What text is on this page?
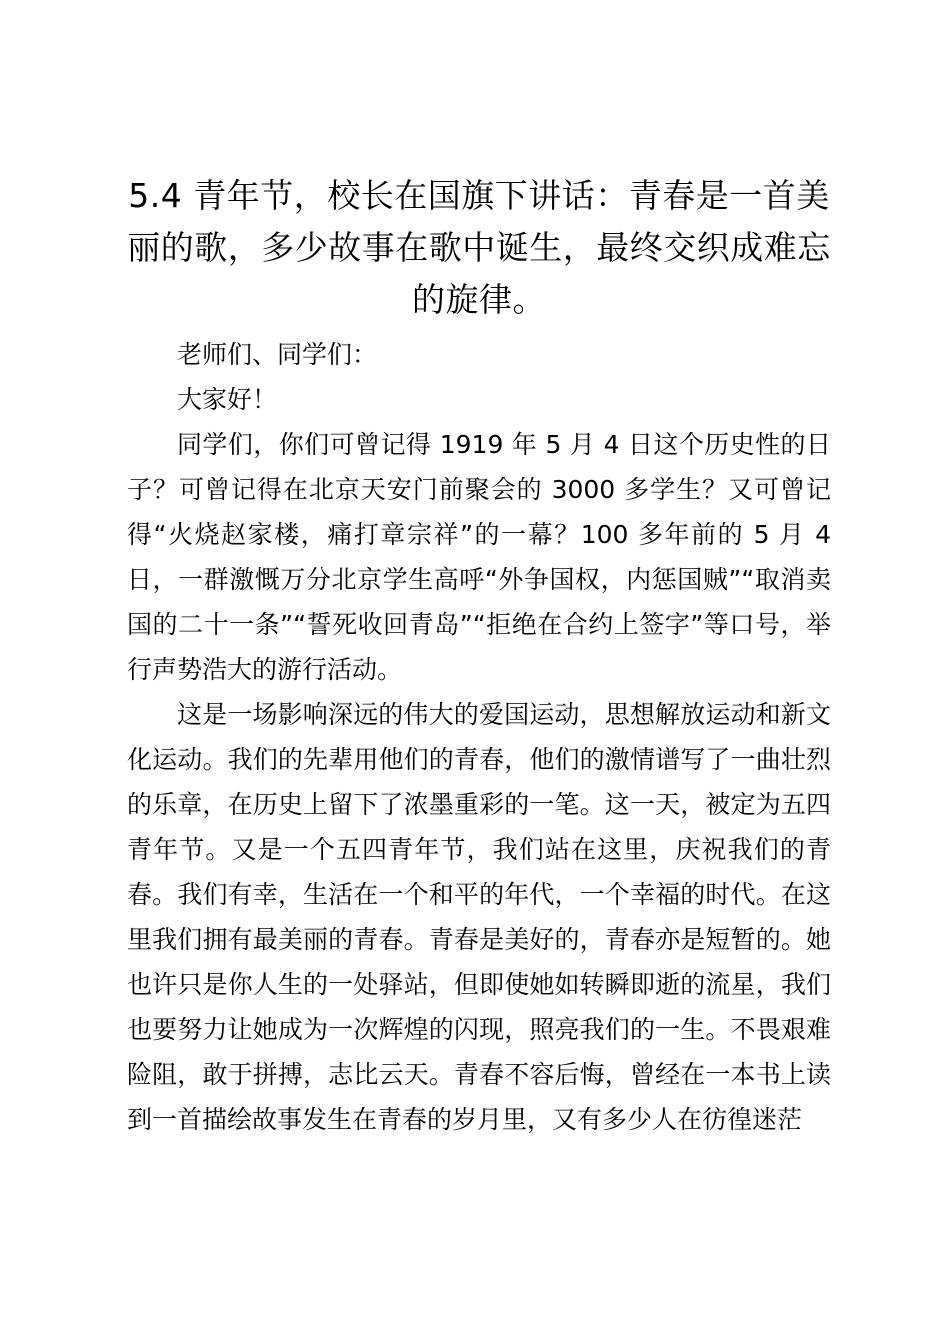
5.4 青年节，校长在国旗下讲话：青春是一首美丽的歌，多少故事在歌中诞生，最终交织成难忘的旋律。

老师们、同学们：

大家好！

同学们，你们可曾记得 1919 年 5 月 4 日这个历史性的日子？可曾记得在北京天安门前聚会的 3000 多学生？又可曾记得“火烧赵家楼，痛打章宗祥”的一幕？100 多年前的 5 月 4 日，一群激慨万分北京学生高呼“外争国权，内惩国贼”“取消卖国的二十一条”“誓死收回青岛”“拒绝在合约上签字”等口号，举行声势浩大的游行活动。

这是一场影响深远的伟大的爱国运动，思想解放运动和新文化运动。我们的先辈用他们的青春，他们的激情谱写了一曲壮烈的乐章，在历史上留下了浓墨重彩的一笔。这一天，被定为五四青年节。又是一个五四青年节，我们站在这里，庆祝我们的青春。我们有幸，生活在一个和平的年代，一个幸福的时代。在这里我们拥有最美丽的青春。青春是美好的，青春亦是短暂的。她也许只是你人生的一处驿站，但即使她如转瞬即逝的流星，我们也要努力让她成为一次辉煌的闪现，照亮我们的一生。不畏艰难险阻，敢于拼搏，志比云天。青春不容后悔，曾经在一本书上读到一首描绘故事发生在青春的岁月里，又有多少人在彷徨迷茫
